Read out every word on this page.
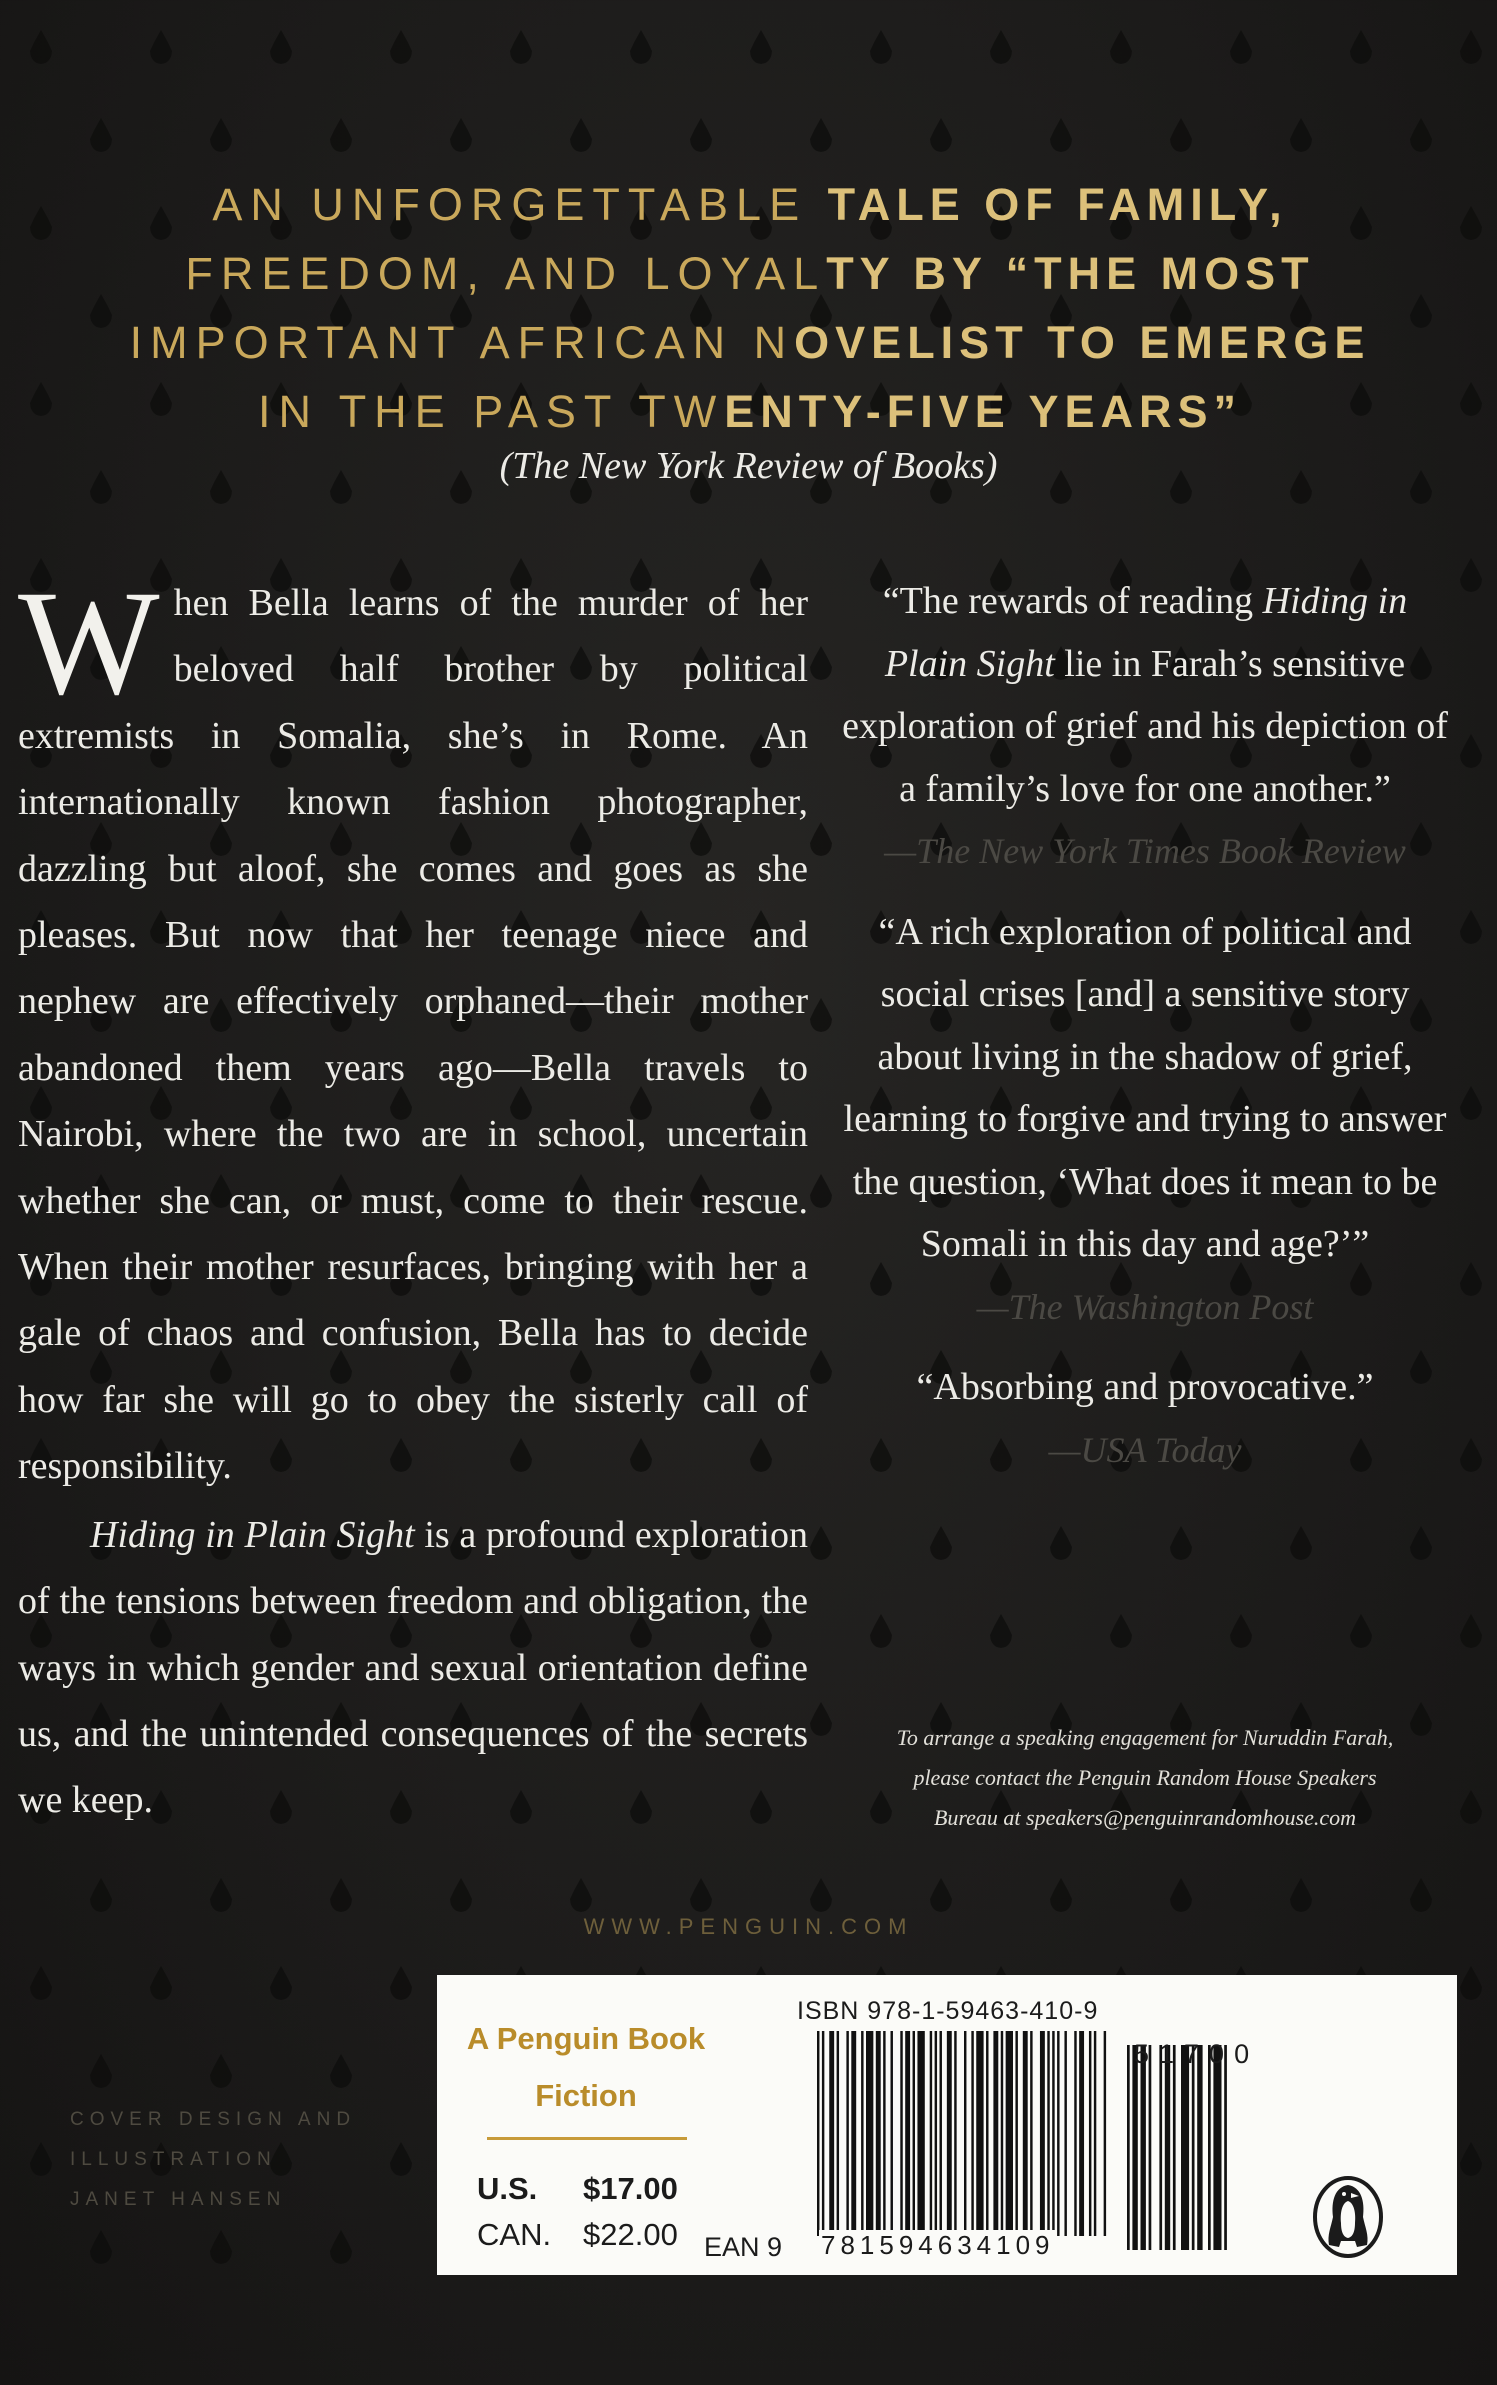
AN UNFORGETTABLE TALE OF FAMILY,
FREEDOM, AND LOYALTY BY “THE MOST
IMPORTANT AFRICAN NOVELIST TO EMERGE
IN THE PAST TWENTY-FIVE YEARS”

(The New York Review of Books)

When Bella learns of the murder of her beloved half brother by political extremists in Somalia, she’s in Rome. An internationally known fashion photographer, dazzling but aloof, she comes and goes as she pleases. But now that her teenage niece and nephew are effectively orphaned—their mother abandoned them years ago—Bella travels to Nairobi, where the two are in school, uncertain whether she can, or must, come to their rescue. When their mother resurfaces, bringing with her a gale of chaos and confusion, Bella has to decide how far she will go to obey the sisterly call of responsibility.

Hiding in Plain Sight is a profound exploration of the tensions between freedom and obligation, the ways in which gender and sexual orientation define us, and the unintended consequences of the secrets we keep.

“The rewards of reading Hiding in Plain Sight lie in Farah’s sensitive exploration of grief and his depiction of a family’s love for one another.”

—The New York Times Book Review

“A rich exploration of political and social crises [and] a sensitive story about living in the shadow of grief, learning to forgive and trying to answer the question, ‘What does it mean to be Somali in this day and age?’”

—The Washington Post

“Absorbing and provocative.”

—USA Today

To arrange a speaking engagement for Nuruddin Farah,
please contact the Penguin Random House Speakers
Bureau at speakers@penguinrandomhouse.com

WWW.PENGUIN.COM

COVER DESIGN AND
ILLUSTRATION
JANET HANSEN

A Penguin Book

Fiction

U.S. $17.00

CAN. $22.00

ISBN 978-1-59463-410-9

51700

EAN 9 781594634109
